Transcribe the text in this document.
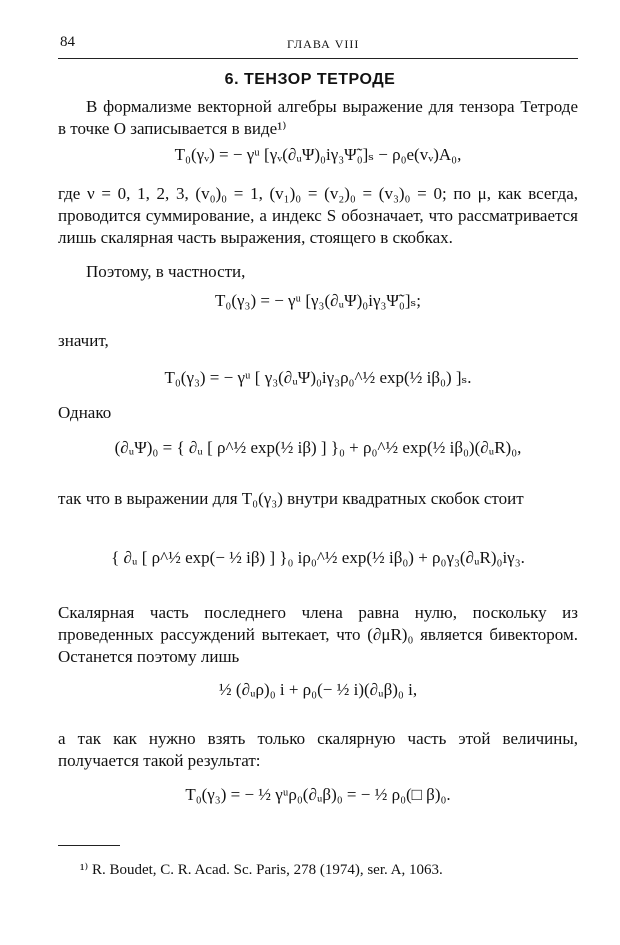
84	ГЛАВА VIII
6. ТЕНЗОР ТЕТРОДЕ
В формализме векторной алгебры выражение для тензора Тетроде в точке O записывается в виде¹⁾
T₀(γᵥ) = − γᵘ [γᵥ(∂ᵤΨ)₀iγ₃Ψ̃₀]ₛ − ρ₀e(vᵥ)A₀,
где ν = 0, 1, 2, 3, (v₀)₀ = 1, (v₁)₀ = (v₂)₀ = (v₃)₀ = 0; по μ, как всегда, проводится суммирование, а индекс S обозначает, что рассматривается лишь скалярная часть выражения, стоящего в скобках.
Поэтому, в частности,
T₀(γ₃) = − γᵘ [γ₃(∂ᵤΨ)₀iγ₃Ψ̃₀]ₛ;
значит,
T₀(γ₃) = − γᵘ [ γ₃(∂ᵤΨ)₀iγ₃ρ₀^½ exp(½ iβ₀) ]ₛ.
Однако
(∂ᵤΨ)₀ = { ∂ᵤ [ ρ^½ exp(½ iβ) ] }₀ + ρ₀^½ exp(½ iβ₀)(∂ᵤR)₀,
так что в выражении для T₀(γ₃) внутри квадратных скобок стоит
{ ∂ᵤ [ ρ^½ exp(− ½ iβ) ] }₀ iρ₀^½ exp(½ iβ₀) + ρ₀γ₃(∂ᵤR)₀iγ₃.
Скалярная часть последнего члена равна нулю, поскольку из проведенных рассуждений вытекает, что (∂μR)₀ является бивектором. Останется поэтому лишь
½ (∂ᵤρ)₀ i + ρ₀(− ½ i)(∂ᵤβ)₀ i,
а так как нужно взять только скалярную часть этой величины, получается такой результат:
T₀(γ₃) = − ½ γᵘρ₀(∂ᵤβ)₀ = − ½ ρ₀(□ β)₀.
¹⁾ R. Boudet, C. R. Acad. Sc. Paris, 278 (1974), ser. A, 1063.
